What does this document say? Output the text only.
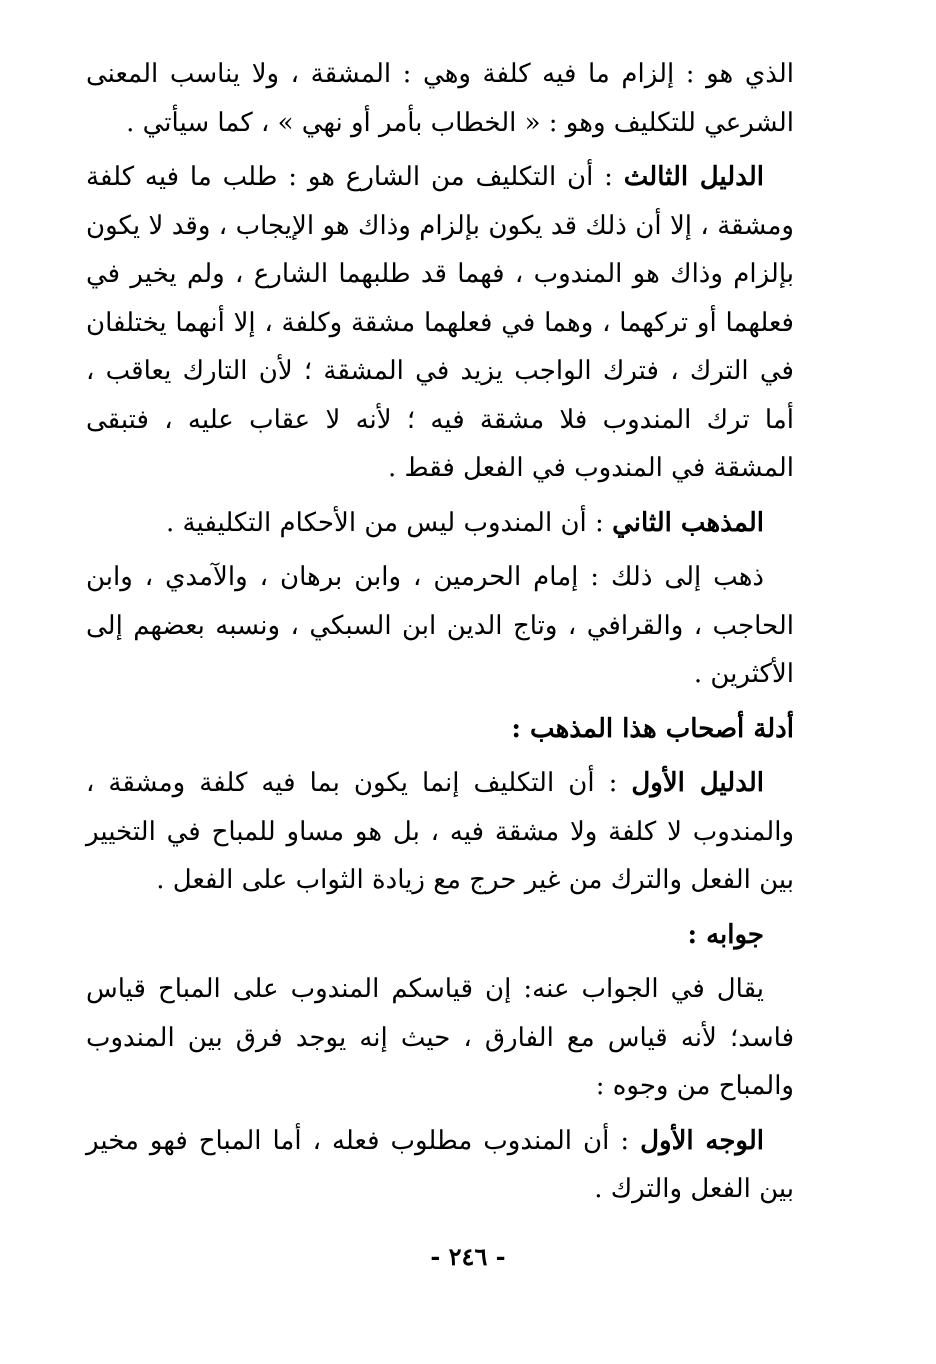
الذي هو : إلزام ما فيه كلفة وهي : المشقة ، ولا يناسب المعنى الشرعي للتكليف وهو : « الخطاب بأمر أو نهي » ، كما سيأتي .

الدليل الثالث : أن التكليف من الشارع هو : طلب ما فيه كلفة ومشقة ، إلا أن ذلك قد يكون بإلزام وذاك هو الإيجاب ، وقد لا يكون بإلزام وذاك هو المندوب ، فهما قد طلبهما الشارع ، ولم يخير في فعلهما أو تركهما ، وهما في فعلهما مشقة وكلفة ، إلا أنهما يختلفان في الترك ، فترك الواجب يزيد في المشقة ؛ لأن التارك يعاقب ، أما ترك المندوب فلا مشقة فيه ؛ لأنه لا عقاب عليه ، فتبقى المشقة في المندوب في الفعل فقط .

المذهب الثاني : أن المندوب ليس من الأحكام التكليفية .

ذهب إلى ذلك : إمام الحرمين ، وابن برهان ، والآمدي ، وابن الحاجب ، والقرافي ، وتاج الدين ابن السبكي ، ونسبه بعضهم إلى الأكثرين .

أدلة أصحاب هذا المذهب :

الدليل الأول : أن التكليف إنما يكون بما فيه كلفة ومشقة ، والمندوب لا كلفة ولا مشقة فيه ، بل هو مساو للمباح في التخيير بين الفعل والترك من غير حرج مع زيادة الثواب على الفعل .

جوابه :

يقال في الجواب عنه: إن قياسكم المندوب على المباح قياس فاسد؛ لأنه قياس مع الفارق ، حيث إنه يوجد فرق بين المندوب والمباح من وجوه :

الوجه الأول : أن المندوب مطلوب فعله ، أما المباح فهو مخير بين الفعل والترك .

- ٢٤٦ -
